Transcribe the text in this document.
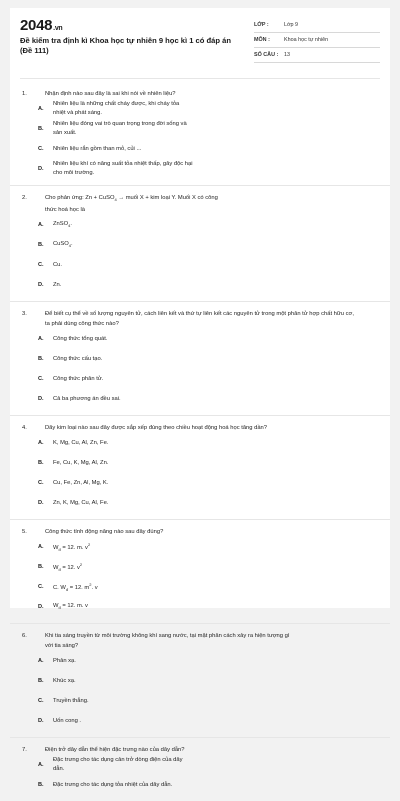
2048.vn
Đề kiểm tra định kì Khoa học tự nhiên 9 học kì 1 có đáp án (Đề 111)
LỚP :	Lớp 9
MÔN :	Khoa học tự nhiên
SỐ CÂU :	13
1.	Nhận định nào sau đây là sai khi nói về nhiên liệu?
A.
Nhiên liệu là những chất cháy được, khi cháy tỏa nhiệt và phát sáng.
B.
Nhiên liệu đóng vai trò quan trọng trong đời sống và sản xuất.
C.	Nhiên liệu rắn gồm than mỏ, củi ...
D.
Nhiên liệu khí có năng suất tỏa nhiệt thấp, gây độc hại cho môi trường.
2.	Cho phản ứng: Zn + CuSO$_4$ → muối X + kim loại Y. Muối X có công thức hoá học là
A.	ZnSO$_4$.
B.	CuSO$_4$.
C.	Cu.
D.	Zn.
3.	Để biết cụ thể về số lượng nguyên tử, cách liên kết và thứ tự liên kết các nguyên tử trong một phân tử hợp chất hữu cơ, ta phải dùng công thức nào?
A.	Công thức tổng quát.
B.	Công thức cấu tạo.
C.	Công thức phân tử.
D.	Cả ba phương án đều sai.
4.	Dãy kim loại nào sau đây được sắp xếp đúng theo chiều hoạt động hoá học tăng dần?
A.	K, Mg, Cu, Al, Zn, Fe.
B.	Fe, Cu, K, Mg, Al, Zn.
C.	Cu, Fe, Zn, Al, Mg, K.
D.	Zn, K, Mg, Cu, Al, Fe.
5.	Công thức tính động năng nào sau đây đúng?
A.	$W_đ = 12$. m. $v^2$
B.	$W_đ = 12$. $v^2$
C.	C. $W_đ = 12$. $m^2$. v
D.	$W_đ = 12$. m. v
6.	Khi tia sáng truyền từ môi trường không khí sang nước, tại mặt phân cách xảy ra hiện tượng gì với tia sáng?
A.	Phản xạ.
B.	Khúc xạ.
C.	Truyền thẳng.
D.	Uốn cong .
7.	Điện trở dây dẫn thể hiện đặc trưng nào của dây dẫn?
A.
Đặc trưng cho tác dụng cản trở dòng điện của dây dẫn.
B.	Đặc trưng cho tác dụng tỏa nhiệt của dây dẫn.
